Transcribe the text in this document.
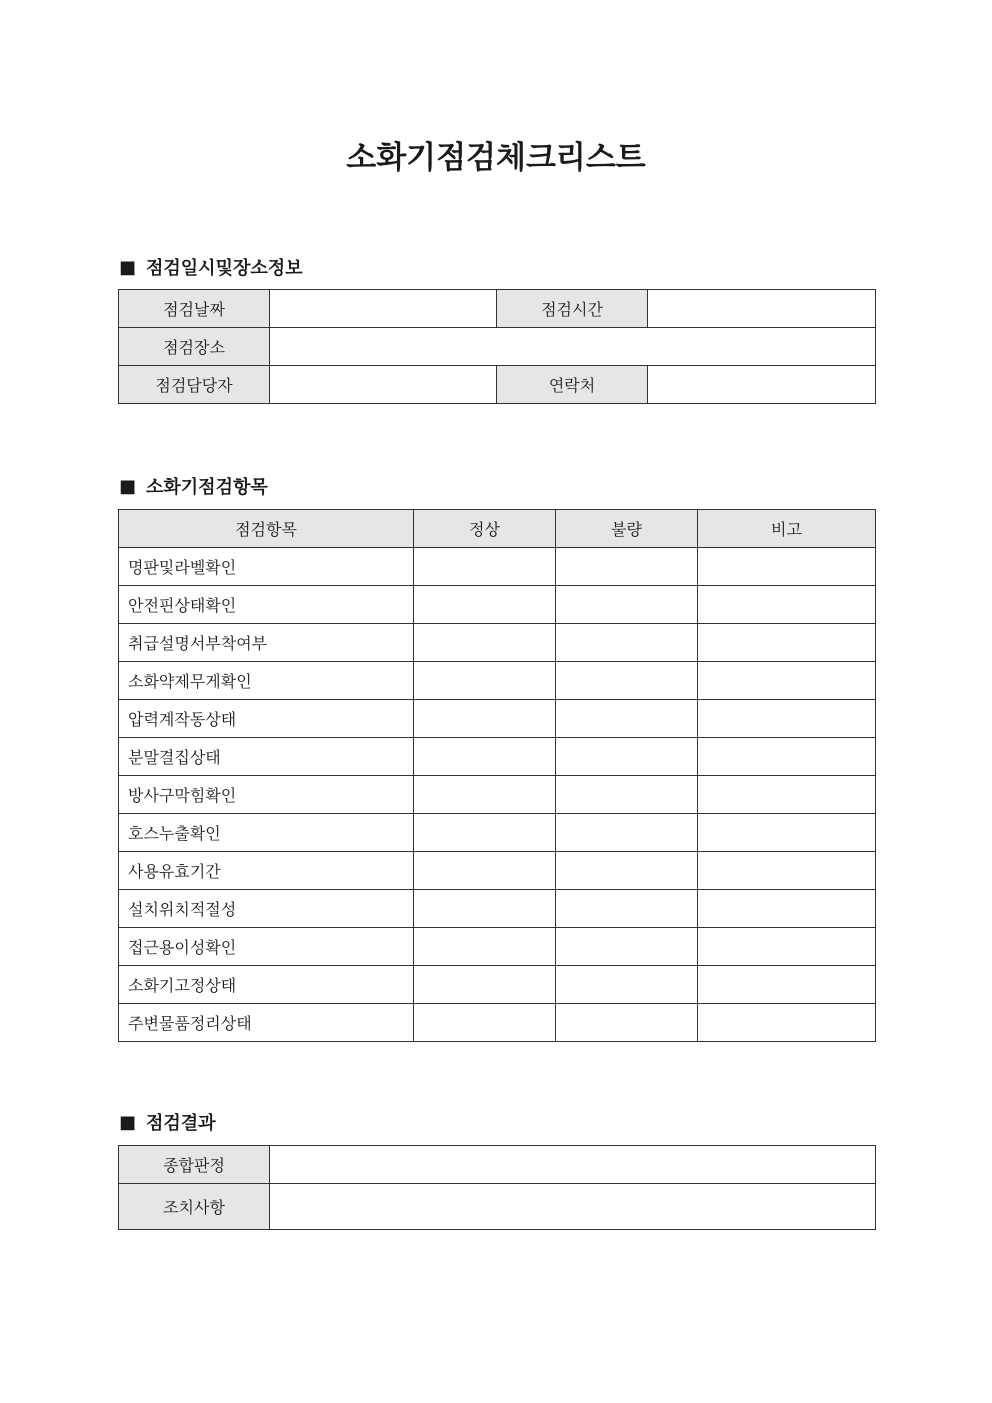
소화기점검체크리스트
■ 점검일시및장소정보
점검날짜		점검시간	
점검장소			
점검담당자		연락처	
■ 소화기점검항목
점검항목	정상	불량	비고
명판및라벨확인			
안전핀상태확인			
취급설명서부착여부			
소화약제무게확인			
압력계작동상태			
분말결집상태			
방사구막힘확인			
호스누출확인			
사용유효기간			
설치위치적절성			
접근용이성확인			
소화기고정상태			
주변물품정리상태			
■ 점검결과
종합판정	
조치사항	
